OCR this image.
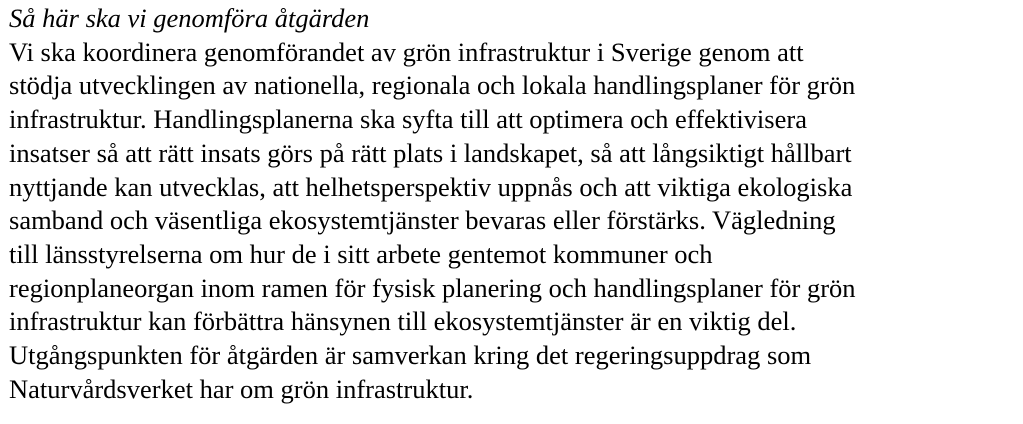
Så här ska vi genomföra åtgärden
Vi ska koordinera genomförandet av grön infrastruktur i Sverige genom att
stödja utvecklingen av nationella, regionala och lokala handlingsplaner för grön
infrastruktur. Handlingsplanerna ska syfta till att optimera och effektivisera
insatser så att rätt insats görs på rätt plats i landskapet, så att långsiktigt hållbart
nyttjande kan utvecklas, att helhetsperspektiv uppnås och att viktiga ekologiska
samband och väsentliga ekosystemtjänster bevaras eller förstärks. Vägledning
till länsstyrelserna om hur de i sitt arbete gentemot kommuner och
regionplaneorgan inom ramen för fysisk planering och handlingsplaner för grön
infrastruktur kan förbättra hänsynen till ekosystemtjänster är en viktig del.
Utgångspunkten för åtgärden är samverkan kring det regeringsuppdrag som
Naturvårdsverket har om grön infrastruktur.
